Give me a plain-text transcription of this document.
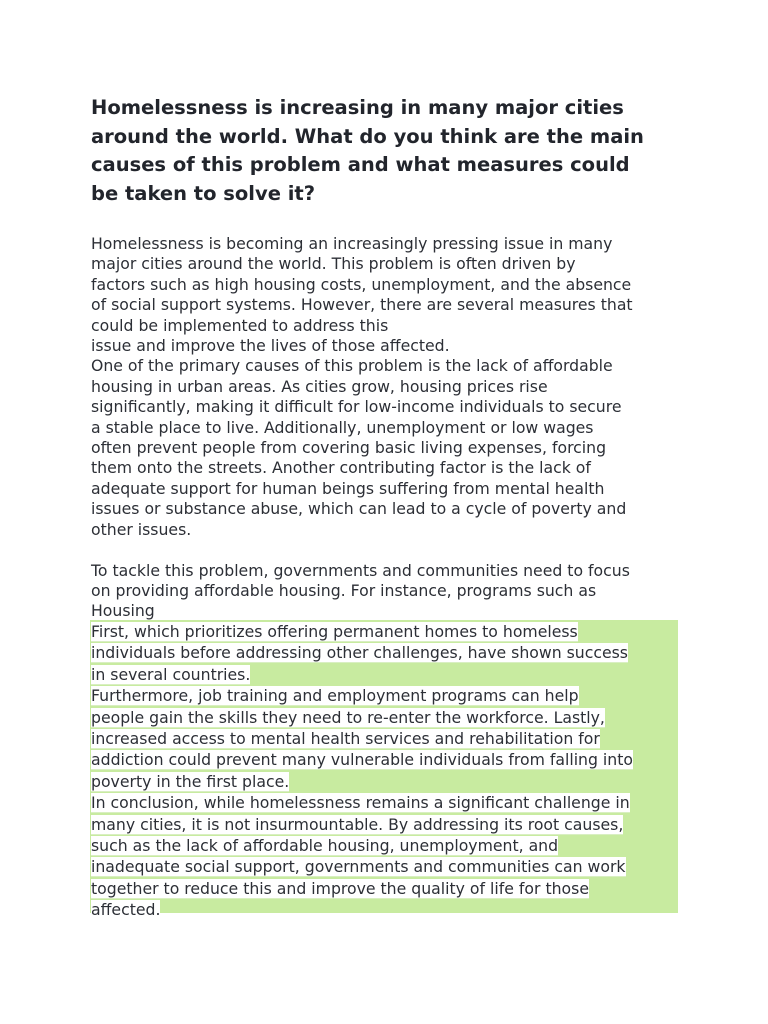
Homelessness is increasing in many major cities
around the world. What do you think are the main
causes of this problem and what measures could
be taken to solve it?
Homelessness is becoming an increasingly pressing issue in many
major cities around the world. This problem is often driven by
factors such as high housing costs, unemployment, and the absence
of social support systems. However, there are several measures that
could be implemented to address this
issue and improve the lives of those affected.
One of the primary causes of this problem is the lack of affordable
housing in urban areas. As cities grow, housing prices rise
significantly, making it difficult for low-income individuals to secure
a stable place to live. Additionally, unemployment or low wages
often prevent people from covering basic living expenses, forcing
them onto the streets. Another contributing factor is the lack of
adequate support for human beings suffering from mental health
issues or substance abuse, which can lead to a cycle of poverty and
other issues.

To tackle this problem, governments and communities need to focus
on providing affordable housing. For instance, programs such as
Housing
First, which prioritizes offering permanent homes to homeless
individuals before addressing other challenges, have shown success
in several countries.
Furthermore, job training and employment programs can help
people gain the skills they need to re-enter the workforce. Lastly,
increased access to mental health services and rehabilitation for
addiction could prevent many vulnerable individuals from falling into
poverty in the first place.
In conclusion, while homelessness remains a significant challenge in
many cities, it is not insurmountable. By addressing its root causes,
such as the lack of affordable housing, unemployment, and
inadequate social support, governments and communities can work
together to reduce this and improve the quality of life for those
affected.
